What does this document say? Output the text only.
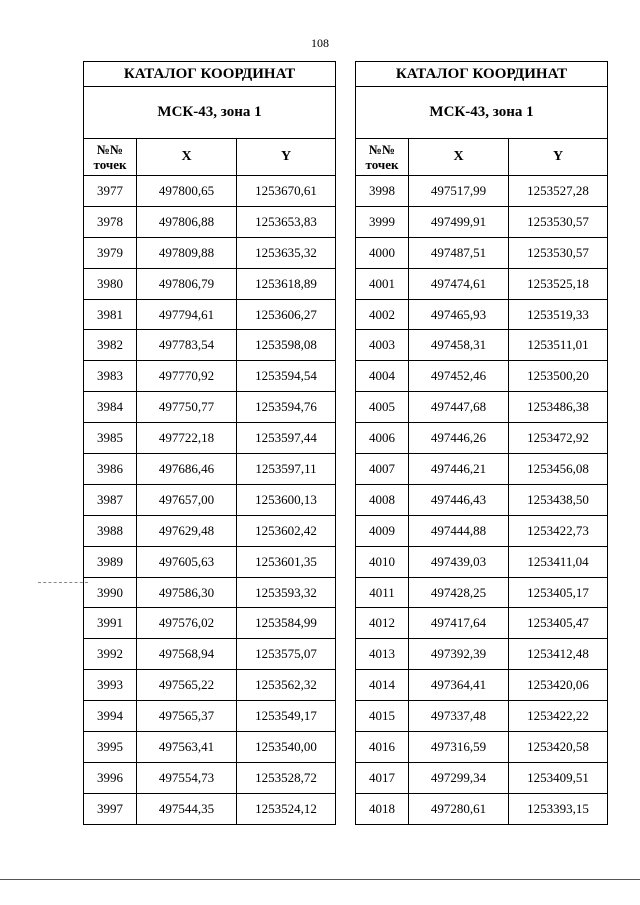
108
КАТАЛОГ КООРДИНАТ		
МСК-43, зона 1		
№№
точек	X	Y
3977	497800,65	1253670,61
3978	497806,88	1253653,83
3979	497809,88	1253635,32
3980	497806,79	1253618,89
3981	497794,61	1253606,27
3982	497783,54	1253598,08
3983	497770,92	1253594,54
3984	497750,77	1253594,76
3985	497722,18	1253597,44
3986	497686,46	1253597,11
3987	497657,00	1253600,13
3988	497629,48	1253602,42
3989	497605,63	1253601,35
3990	497586,30	1253593,32
3991	497576,02	1253584,99
3992	497568,94	1253575,07
3993	497565,22	1253562,32
3994	497565,37	1253549,17
3995	497563,41	1253540,00
3996	497554,73	1253528,72
3997	497544,35	1253524,12
КАТАЛОГ КООРДИНАТ		
МСК-43, зона 1		
№№
точек	X	Y
3998	497517,99	1253527,28
3999	497499,91	1253530,57
4000	497487,51	1253530,57
4001	497474,61	1253525,18
4002	497465,93	1253519,33
4003	497458,31	1253511,01
4004	497452,46	1253500,20
4005	497447,68	1253486,38
4006	497446,26	1253472,92
4007	497446,21	1253456,08
4008	497446,43	1253438,50
4009	497444,88	1253422,73
4010	497439,03	1253411,04
4011	497428,25	1253405,17
4012	497417,64	1253405,47
4013	497392,39	1253412,48
4014	497364,41	1253420,06
4015	497337,48	1253422,22
4016	497316,59	1253420,58
4017	497299,34	1253409,51
4018	497280,61	1253393,15
